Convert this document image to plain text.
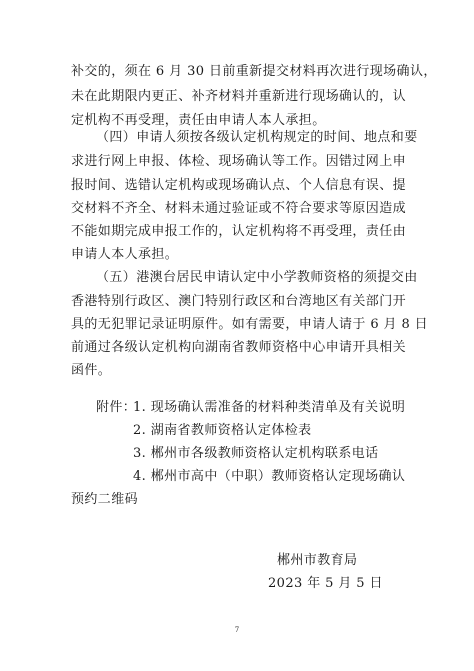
补交的，须在 6 月 30 日前重新提交材料再次进行现场确认，
未在此期限内更正、补齐材料并重新进行现场确认的，认
定机构不再受理，责任由申请人本人承担。
（四）申请人须按各级认定机构规定的时间、地点和要
求进行网上申报、体检、现场确认等工作。因错过网上申
报时间、选错认定机构或现场确认点、个人信息有误、提
交材料不齐全、材料未通过验证或不符合要求等原因造成
不能如期完成申报工作的，认定机构将不再受理，责任由
申请人本人承担。
（五）港澳台居民申请认定中小学教师资格的须提交由
香港特别行政区、澳门特别行政区和台湾地区有关部门开
具的无犯罪记录证明原件。如有需要，申请人请于 6 月 8 日
前通过各级认定机构向湖南省教师资格中心申请开具相关
函件。
附件：
1. 现场确认需准备的材料种类清单及有关说明
2. 湖南省教师资格认定体检表
3. 郴州市各级教师资格认定机构联系电话
4. 郴州市高中（中职）教师资格认定现场确认
预约二维码
郴州市教育局
2023 年 5 月 5 日
7
